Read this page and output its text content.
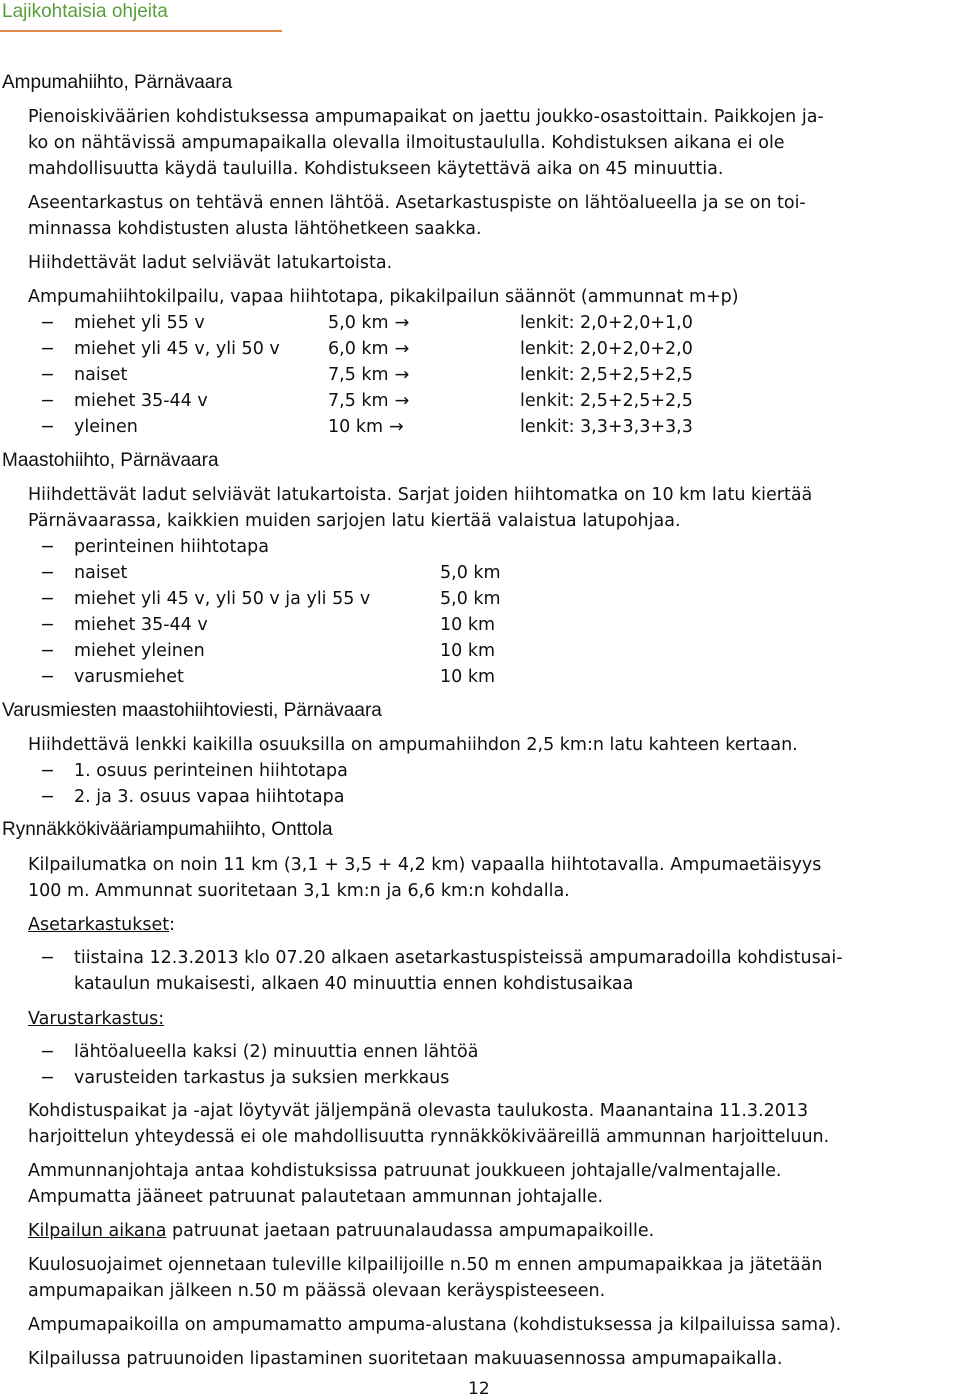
Lajikohtaisia ohjeita
Ampumahiihto, Pärnävaara
Pienoiskiväärien kohdistuksessa ampumapaikat on jaettu joukko-osastoittain. Paikkojen ja-
ko on nähtävissä ampumapaikalla olevalla ilmoitustaululla. Kohdistuksen aikana ei ole
mahdollisuutta käydä tauluilla. Kohdistukseen käytettävä aika on 45 minuuttia.
Aseentarkastus on tehtävä ennen lähtöä. Asetarkastuspiste on lähtöalueella ja se on toi-
minnassa kohdistusten alusta lähtöhetkeen saakka.
Hiihdettävät ladut selviävät latukartoista.
Ampumahiihtokilpailu, vapaa hiihtotapa, pikakilpailun säännöt (ammunnat m+p)
− miehet yli 55 v	5,0 km →	lenkit: 2,0+2,0+1,0
− miehet yli 45 v, yli 50 v	6,0 km →	lenkit: 2,0+2,0+2,0
− naiset	7,5 km →	lenkit: 2,5+2,5+2,5
− miehet 35-44 v	7,5 km →	lenkit: 2,5+2,5+2,5
− yleinen	10 km →	lenkit: 3,3+3,3+3,3
Maastohiihto, Pärnävaara
Hiihdettävät ladut selviävät latukartoista. Sarjat joiden hiihtomatka on 10 km latu kiertää
Pärnävaarassa, kaikkien muiden sarjojen latu kiertää valaistua latupohjaa.
− perinteinen hiihtotapa
− naiset	5,0 km
− miehet yli 45 v, yli 50 v ja yli 55 v	5,0 km
− miehet 35-44 v	10 km
− miehet yleinen	10 km
− varusmiehet	10 km
Varusmiesten maastohiihtoviesti, Pärnävaara
Hiihdettävä lenkki kaikilla osuuksilla on ampumahiihdon 2,5 km:n latu kahteen kertaan.
− 1. osuus perinteinen hiihtotapa
− 2. ja 3. osuus vapaa hiihtotapa
Rynnäkkökivääriampumahiihto, Onttola
Kilpailumatka on noin 11 km (3,1 + 3,5 + 4,2 km) vapaalla hiihtotavalla. Ampumaetäisyys
100 m. Ammunnat suoritetaan 3,1 km:n ja 6,6 km:n kohdalla.
Asetarkastukset:
− tiistaina 12.3.2013 klo 07.20 alkaen asetarkastuspisteissä ampumaradoilla kohdistusai-
kataulun mukaisesti, alkaen 40 minuuttia ennen kohdistusaikaa
Varustarkastus:
− lähtöalueella kaksi (2) minuuttia ennen lähtöä
− varusteiden tarkastus ja suksien merkkaus
Kohdistuspaikat ja -ajat löytyvät jäljempänä olevasta taulukosta. Maanantaina 11.3.2013
harjoittelun yhteydessä ei ole mahdollisuutta rynnäkkökivääreillä ammunnan harjoitteluun.
Ammunnanjohtaja antaa kohdistuksissa patruunat joukkueen johtajalle/valmentajalle.
Ampumatta jääneet patruunat palautetaan ammunnan johtajalle.
Kilpailun aikana patruunat jaetaan patruunalaudassa ampumapaikoille.
Kuulosuojaimet ojennetaan tuleville kilpailijoille n.50 m ennen ampumapaikkaa ja jätetään
ampumapaikan jälkeen n.50 m päässä olevaan keräyspisteeseen.
Ampumapaikoilla on ampumamatto ampuma-alustana (kohdistuksessa ja kilpailuissa sama).
Kilpailussa patruunoiden lipastaminen suoritetaan makuuasennossa ampumapaikalla.
12
